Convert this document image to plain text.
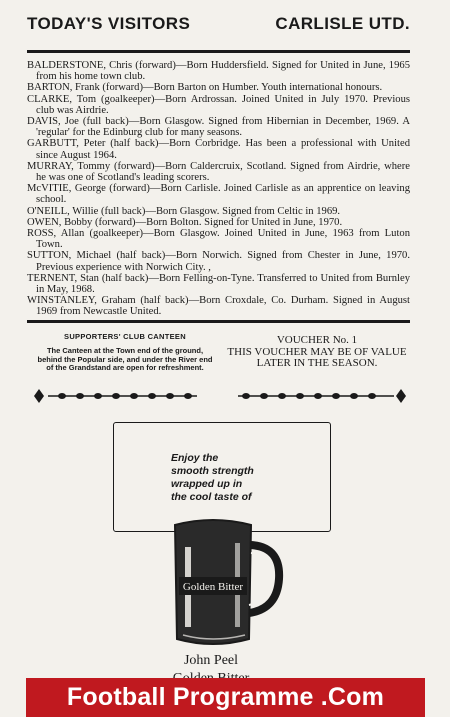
TODAY'S VISITORS	CARLISLE UTD.

BALDERSTONE, Chris (forward)—Born Huddersfield. Signed for United in June, 1965 from his home town club.

BARTON, Frank (forward)—Born Barton on Humber. Youth international honours.

CLARKE, Tom (goalkeeper)—Born Ardrossan. Joined United in July 1970. Previous club was Airdrie.

DAVIS, Joe (full back)—Born Glasgow. Signed from Hibernian in December, 1969. A 'regular' for the Edinburg club for many seasons.

GARBUTT, Peter (half back)—Born Corbridge. Has been a professional with United since August 1964.

MURRAY, Tommy (forward)—Born Caldercruix, Scotland. Signed from Airdrie, where he was one of Scotland's leading scorers.

McVITIE, George (forward)—Born Carlisle. Joined Carlisle as an apprentice on leaving school.

O'NEILL, Willie (full back)—Born Glasgow. Signed from Celtic in 1969.

OWEN, Bobby (forward)—Born Bolton. Signed for United in June, 1970.

ROSS, Allan (goalkeeper)—Born Glasgow. Joined United in June, 1963 from Luton Town.

SUTTON, Michael (half back)—Born Norwich. Signed from Chester in June, 1970. Previous experience with Norwich City. ,

TERNENT, Stan (half back)—Born Felling-on-Tyne. Transferred to United from Burnley in May, 1968.

WINSTANLEY, Graham (half back)—Born Croxdale, Co. Durham. Signed in August 1969 from Newcastle United.

SUPPORTERS' CLUB CANTEEN
The Canteen at the Town end of the ground, behind the Popular side, and under the River end of the Grandstand are open for refreshment.
VOUCHER No. 1
THIS VOUCHER MAY BE OF VALUE LATER IN THE SEASON.
Enjoy the
smooth strength
wrapped up in
the cool taste of
Golden Bitter
John Peel
Football Programme .Com
